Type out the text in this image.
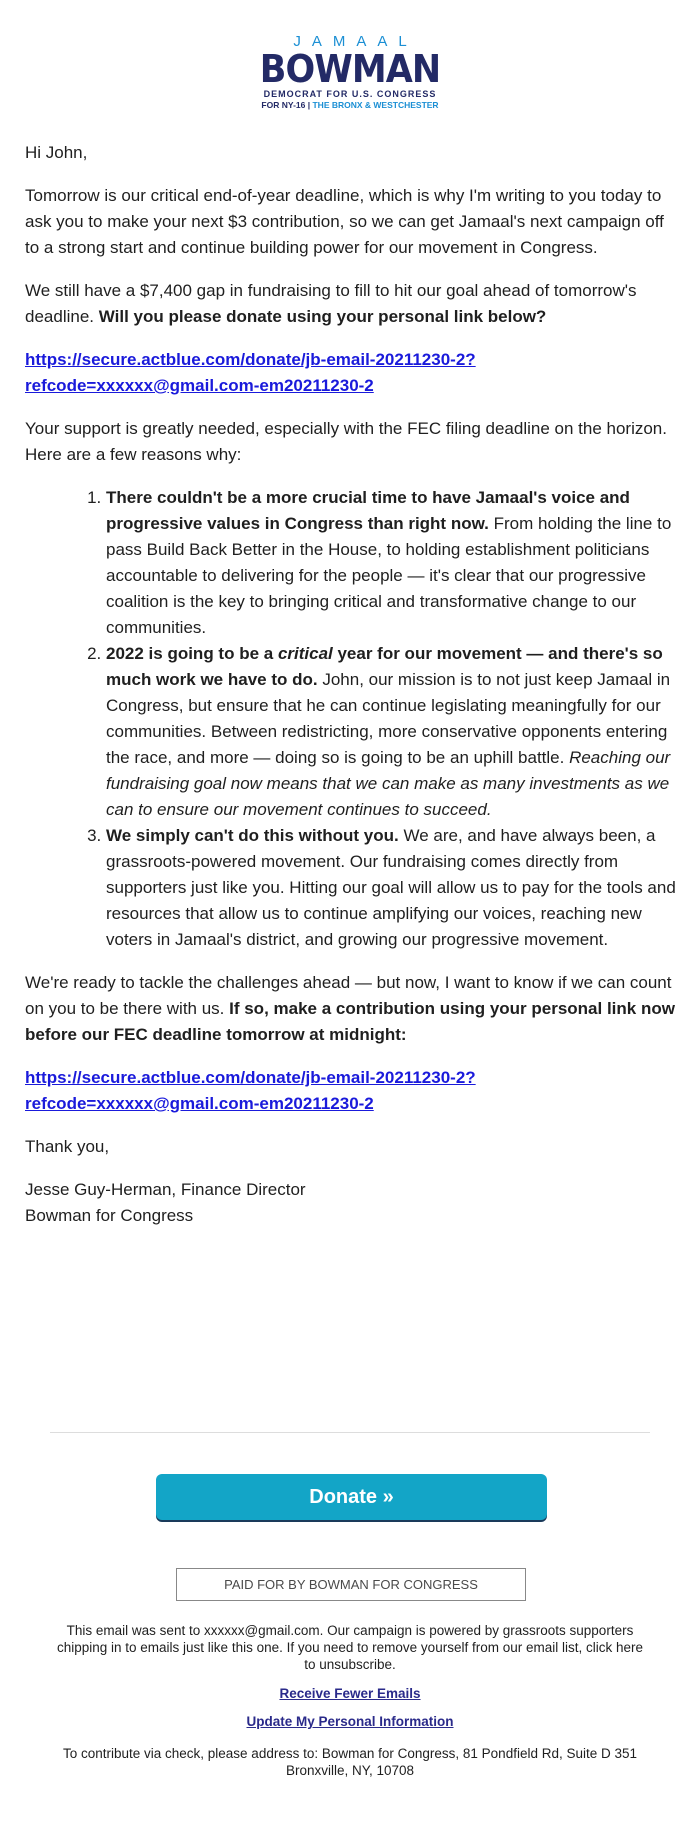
JAMAAL
BOWMAN
DEMOCRAT FOR U.S. CONGRESS
FOR NY-16 | THE BRONX & WESTCHESTER

Hi John,

Tomorrow is our critical end-of-year deadline, which is why I'm writing to you today to ask you to make your next $3 contribution, so we can get Jamaal's next campaign off to a strong start and continue building power for our movement in Congress.

We still have a $7,400 gap in fundraising to fill to hit our goal ahead of tomorrow's deadline. Will you please donate using your personal link below?

https://secure.actblue.com/donate/jb-email-20211230-2?refcode=xxxxxx@gmail.com-em20211230-2

Your support is greatly needed, especially with the FEC filing deadline on the horizon. Here are a few reasons why:

1. There couldn't be a more crucial time to have Jamaal's voice and progressive values in Congress than right now. From holding the line to pass Build Back Better in the House, to holding establishment politicians accountable to delivering for the people — it's clear that our progressive coalition is the key to bringing critical and transformative change to our communities.
2. 2022 is going to be a critical year for our movement — and there's so much work we have to do. John, our mission is to not just keep Jamaal in Congress, but ensure that he can continue legislating meaningfully for our communities. Between redistricting, more conservative opponents entering the race, and more — doing so is going to be an uphill battle. Reaching our fundraising goal now means that we can make as many investments as we can to ensure our movement continues to succeed.
3. We simply can't do this without you. We are, and have always been, a grassroots-powered movement. Our fundraising comes directly from supporters just like you. Hitting our goal will allow us to pay for the tools and resources that allow us to continue amplifying our voices, reaching new voters in Jamaal's district, and growing our progressive movement.

We're ready to tackle the challenges ahead — but now, I want to know if we can count on you to be there with us. If so, make a contribution using your personal link now before our FEC deadline tomorrow at midnight:

https://secure.actblue.com/donate/jb-email-20211230-2?refcode=xxxxxx@gmail.com-em20211230-2

Thank you,

Jesse Guy-Herman, Finance Director
Bowman for Congress

Donate »
PAID FOR BY BOWMAN FOR CONGRESS
This email was sent to xxxxxx@gmail.com. Our campaign is powered by grassroots supporters chipping in to emails just like this one. If you need to remove yourself from our email list, click here to unsubscribe.
Receive Fewer Emails
Update My Personal Information
To contribute via check, please address to: Bowman for Congress, 81 Pondfield Rd, Suite D 351 Bronxville, NY, 10708
